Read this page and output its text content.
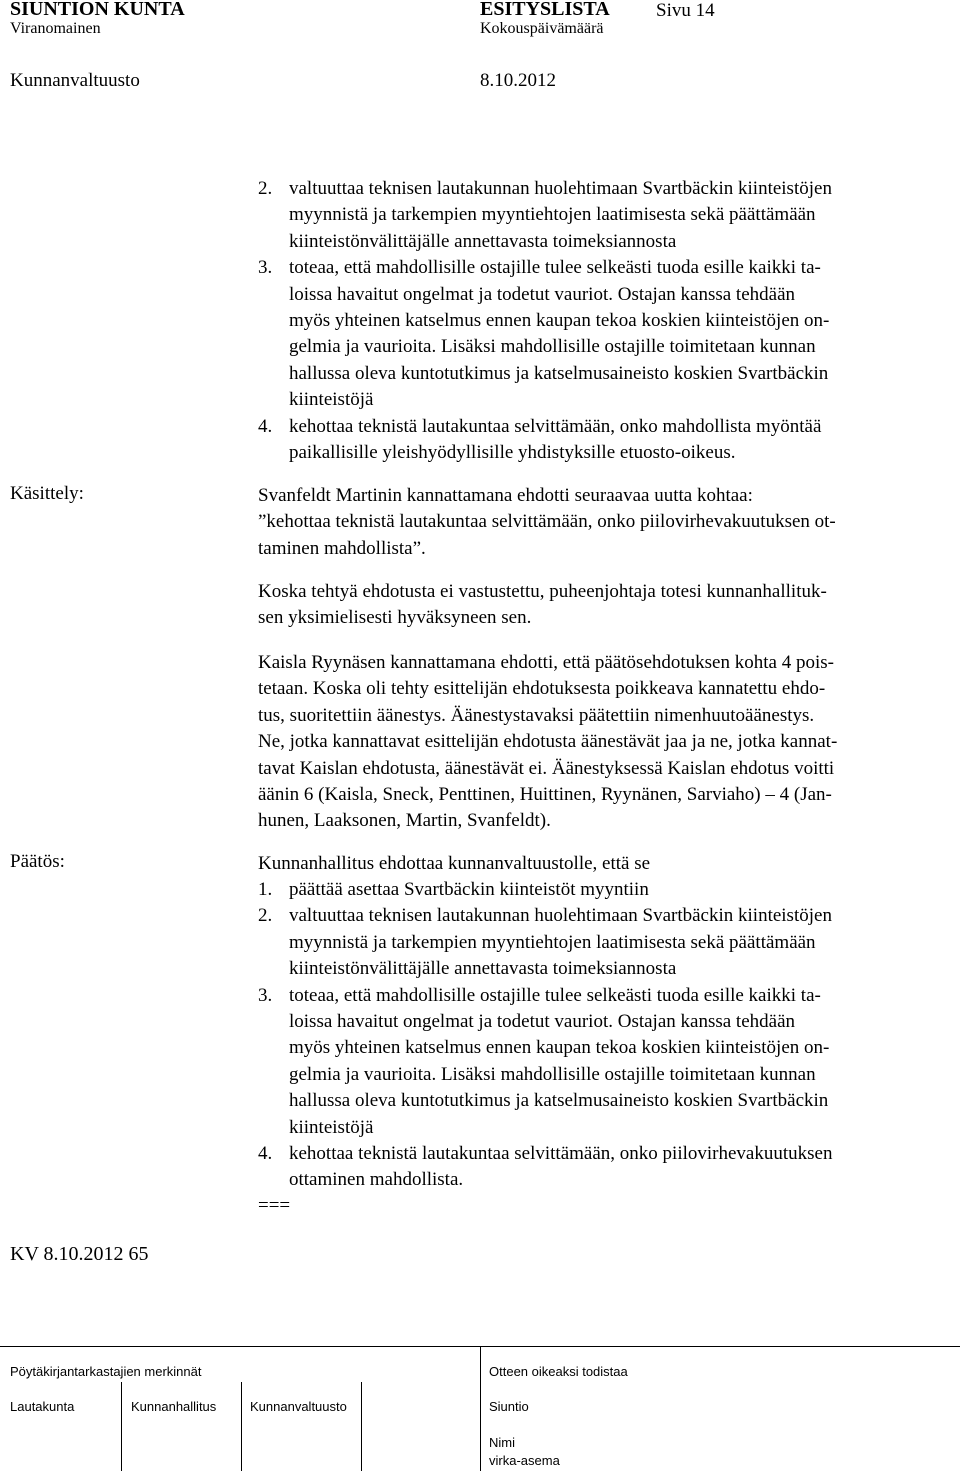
SIUNTION KUNTA	ESITYSLISTA Sivu 14
Viranomainen	Kokouspäivämäärä
Kunnanvaltuusto	8.10.2012
2. valtuuttaa teknisen lautakunnan huolehtimaan Svartbäckin kiinteistöjen
myynnistä ja tarkempien myyntiehtojen laatimisesta sekä päättämään
kiinteistönvälittäjälle annettavasta toimeksiannosta
3. toteaa, että mahdollisille ostajille tulee selkeästi tuoda esille kaikki ta-
loissa havaitut ongelmat ja todetut vauriot. Ostajan kanssa tehdään
myös yhteinen katselmus ennen kaupan tekoa koskien kiinteistöjen on-
gelmia ja vaurioita. Lisäksi mahdollisille ostajille toimitetaan kunnan
hallussa oleva kuntotutkimus ja katselmusaineisto koskien Svartbäckin
kiinteistöjä
4. kehottaa teknistä lautakuntaa selvittämään, onko mahdollista myöntää
paikallisille yleishyödyllisille yhdistyksille etuosto-oikeus.
Käsittely:	Svanfeldt Martinin kannattamana ehdotti seuraavaa uutta kohtaa:
”kehottaa teknistä lautakuntaa selvittämään, onko piilovirhevakuutuksen ot-
taminen mahdollista”.
Koska tehtyä ehdotusta ei vastustettu, puheenjohtaja totesi kunnanhallituk-
sen yksimielisesti hyväksyneen sen.
Kaisla Ryynäsen kannattamana ehdotti, että päätösehdotuksen kohta 4 pois-
tetaan. Koska oli tehty esittelijän ehdotuksesta poikkeava kannatettu ehdo-
tus, suoritettiin äänestys. Äänestystavaksi päätettiin nimenhuutoäänestys.
Ne, jotka kannattavat esittelijän ehdotusta äänestävät jaa ja ne, jotka kannat-
tavat Kaislan ehdotusta, äänestävät ei. Äänestyksessä Kaislan ehdotus voitti
äänin 6 (Kaisla, Sneck, Penttinen, Huittinen, Ryynänen, Sarviaho) – 4 (Jan-
hunen, Laaksonen, Martin, Svanfeldt).
Päätös:	Kunnanhallitus ehdottaa kunnanvaltuustolle, että se
1. päättää asettaa Svartbäckin kiinteistöt myyntiin
2. valtuuttaa teknisen lautakunnan huolehtimaan Svartbäckin kiinteistöjen
myynnistä ja tarkempien myyntiehtojen laatimisesta sekä päättämään
kiinteistönvälittäjälle annettavasta toimeksiannosta
3. toteaa, että mahdollisille ostajille tulee selkeästi tuoda esille kaikki ta-
loissa havaitut ongelmat ja todetut vauriot. Ostajan kanssa tehdään
myös yhteinen katselmus ennen kaupan tekoa koskien kiinteistöjen on-
gelmia ja vaurioita. Lisäksi mahdollisille ostajille toimitetaan kunnan
hallussa oleva kuntotutkimus ja katselmusaineisto koskien Svartbäckin
kiinteistöjä
4. kehottaa teknistä lautakuntaa selvittämään, onko piilovirhevakuutuksen
ottaminen mahdollista.
===
KV 8.10.2012 65
Pöytäkirjantarkastajien merkinnät	Otteen oikeaksi todistaa
Lautakunta	Kunnanhallitus	Kunnanvaltuusto	Siuntio
Nimi
virka-asema
